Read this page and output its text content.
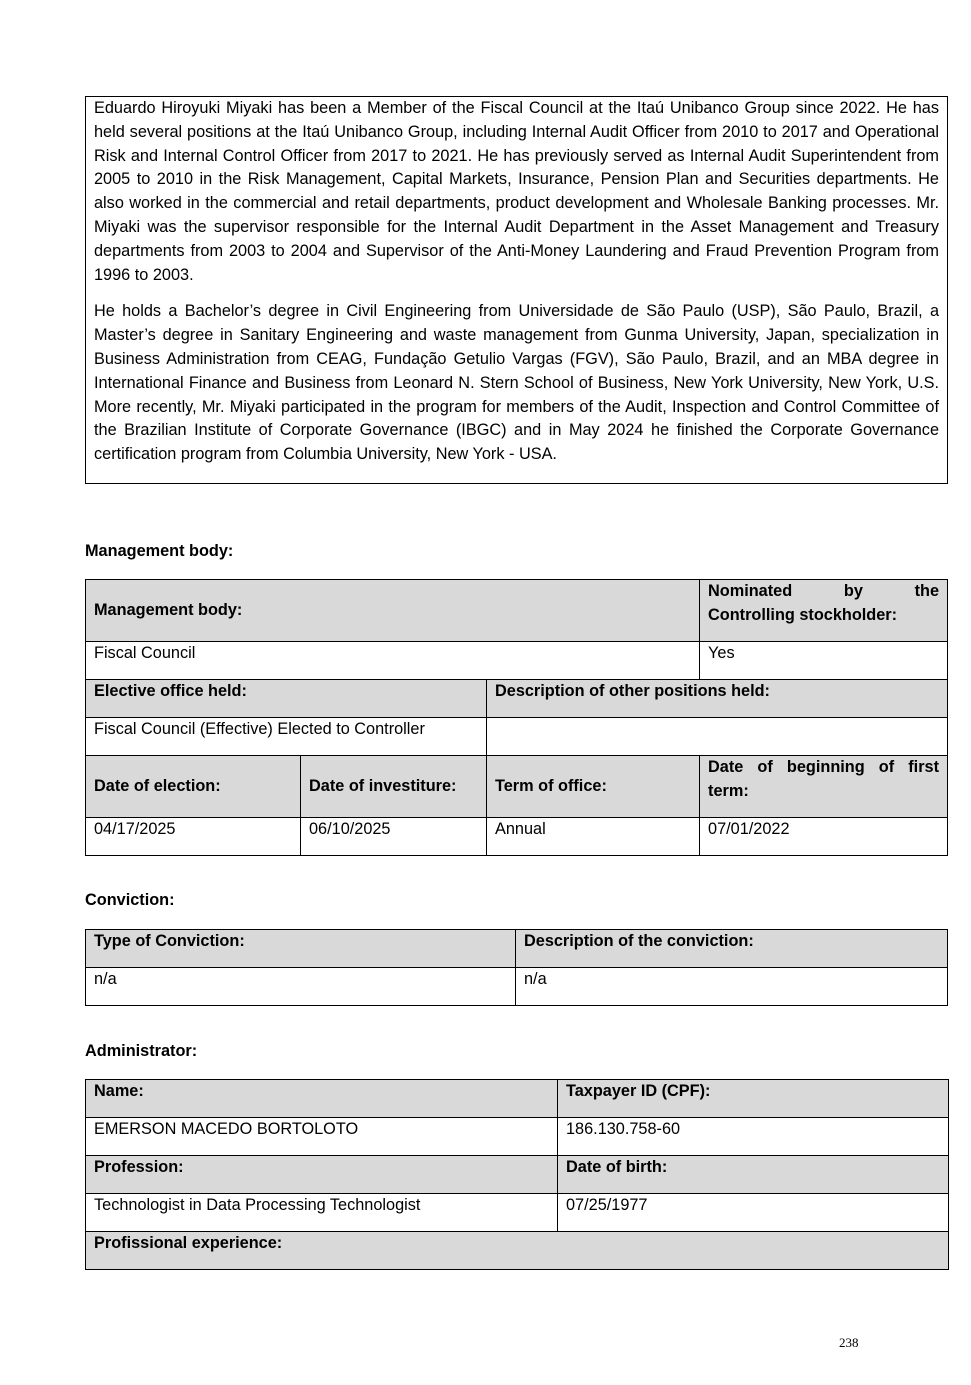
Eduardo Hiroyuki Miyaki has been a Member of the Fiscal Council at the Itaú Unibanco Group since 2022. He has held several positions at the Itaú Unibanco Group, including Internal Audit Officer from 2010 to 2017 and Operational Risk and Internal Control Officer from 2017 to 2021. He has previously served as Internal Audit Superintendent from 2005 to 2010 in the Risk Management, Capital Markets, Insurance, Pension Plan and Securities departments. He also worked in the commercial and retail departments, product development and Wholesale Banking processes. Mr. Miyaki was the supervisor responsible for the Internal Audit Department in the Asset Management and Treasury departments from 2003 to 2004 and Supervisor of the Anti-Money Laundering and Fraud Prevention Program from 1996 to 2003.

He holds a Bachelor’s degree in Civil Engineering from Universidade de São Paulo (USP), São Paulo, Brazil, a Master’s degree in Sanitary Engineering and waste management from Gunma University, Japan, specialization in Business Administration from CEAG, Fundação Getulio Vargas (FGV), São Paulo, Brazil, and an MBA degree in International Finance and Business from Leonard N. Stern School of Business, New York University, New York, U.S. More recently, Mr. Miyaki participated in the program for members of the Audit, Inspection and Control Committee of the Brazilian Institute of Corporate Governance (IBGC) and in May 2024 he finished the Corporate Governance certification program from Columbia University, New York - USA.

Management body:
Management body:			Nominated by the
Controlling stockholder:

Fiscal Council			Yes
Elective office held:		Description of other positions held:	
Fiscal Council (Effective) Elected to Controller			
Date of election:	Date of investiture:	Term of office:	Date of beginning of first
term:

04/17/2025	06/10/2025	Annual	07/01/2022
Conviction:
Type of Conviction:	Description of the conviction:
n/a	n/a
Administrator:
Name:	Taxpayer ID (CPF):
EMERSON MACEDO BORTOLOTO	186.130.758-60
Profession:	Date of birth:
Technologist in Data Processing Technologist	07/25/1977
Profissional experience:	
238
